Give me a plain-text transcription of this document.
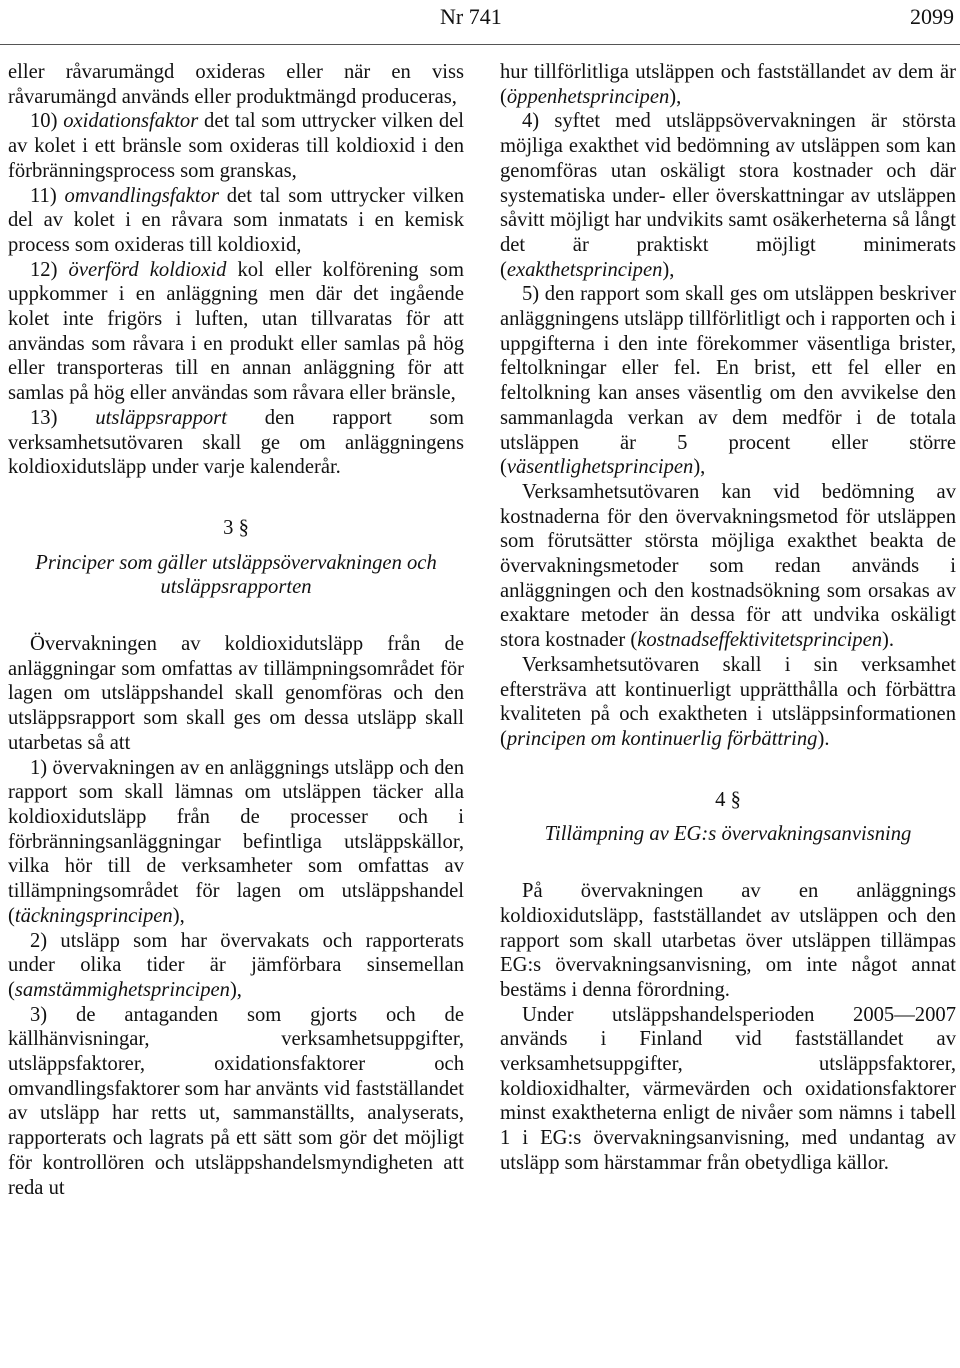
Nr 741	2099

eller råvarumängd oxideras eller när en viss råvarumängd används eller produktmängd produceras,

10) oxidationsfaktor det tal som uttrycker vilken del av kolet i ett bränsle som oxideras till koldioxid i den förbränningsprocess som granskas,

11) omvandlingsfaktor det tal som uttrycker vilken del av kolet i en råvara som inmatats i en kemisk process som oxideras till koldioxid,

12) överförd koldioxid kol eller kolförening som uppkommer i en anläggning men där det ingående kolet inte frigörs i luften, utan tillvaratas för att användas som råvara i en produkt eller samlas på hög eller transporteras till en annan anläggning för att samlas på hög eller användas som råvara eller bränsle,

13) utsläppsrapport den rapport som verksamhetsutövaren skall ge om anläggningens koldioxidutsläpp under varje kalenderår.

3 §
Principer som gäller utsläppsövervakningen och utsläppsrapporten

Övervakningen av koldioxidutsläpp från de anläggningar som omfattas av tillämpningsområdet för lagen om utsläppshandel skall genomföras och den utsläppsrapport som skall ges om dessa utsläpp skall utarbetas så att

1) övervakningen av en anläggnings utsläpp och den rapport som skall lämnas om utsläppen täcker alla koldioxidutsläpp från de processer och i förbränningsanläggningar befintliga utsläppskällor, vilka hör till de verksamheter som omfattas av tillämpningsområdet för lagen om utsläppshandel (täckningsprincipen),

2) utsläpp som har övervakats och rapporterats under olika tider är jämförbara sinsemellan (samstämmighetsprincipen),

3) de antaganden som gjorts och de källhänvisningar, verksamhetsuppgifter, utsläppsfaktorer, oxidationsfaktorer och omvandlingsfaktorer som har använts vid fastställandet av utsläpp har retts ut, sammanställts, analyserats, rapporterats och lagrats på ett sätt som gör det möjligt för kontrollören och utsläppshandelsmyndigheten att reda ut

hur tillförlitliga utsläppen och fastställandet av dem är (öppenhetsprincipen),

4) syftet med utsläppsövervakningen är största möjliga exakthet vid bedömning av utsläppen som kan genomföras utan oskäligt stora kostnader och där systematiska under- eller överskattningar av utsläppen såvitt möjligt har undvikits samt osäkerheterna så långt det är praktiskt möjligt minimerats (exakthetsprincipen),

5) den rapport som skall ges om utsläppen beskriver anläggningens utsläpp tillförlitligt och i rapporten och i uppgifterna i den inte förekommer väsentliga brister, feltolkningar eller fel. En brist, ett fel eller en feltolkning kan anses väsentlig om den avvikelse den sammanlagda verkan av dem medför i de totala utsläppen är 5 procent eller större (väsentlighetsprincipen),

Verksamhetsutövaren kan vid bedömning av kostnaderna för den övervakningsmetod för utsläppen som förutsätter största möjliga exakthet beakta de övervakningsmetoder som redan används i anläggningen och den kostnadsökning som orsakas av exaktare metoder än dessa för att undvika oskäligt stora kostnader (kostnadseffektivitetsprincipen).

Verksamhetsutövaren skall i sin verksamhet eftersträva att kontinuerligt upprätthålla och förbättra kvaliteten på och exaktheten i utsläppsinformationen (principen om kontinuerlig förbättring).

4 §
Tillämpning av EG:s övervakningsanvisning

På övervakningen av en anläggnings koldioxidutsläpp, fastställandet av utsläppen och den rapport som skall utarbetas över utsläppen tillämpas EG:s övervakningsanvisning, om inte något annat bestäms i denna förordning.

Under utsläppshandelsperioden 2005—2007 används i Finland vid fastställandet av verksamhetsuppgifter, utsläppsfaktorer, koldioxidhalter, värmevärden och oxidationsfaktorer minst exaktheterna enligt de nivåer som nämns i tabell 1 i EG:s övervakningsanvisning, med undantag av utsläpp som härstammar från obetydliga källor.
